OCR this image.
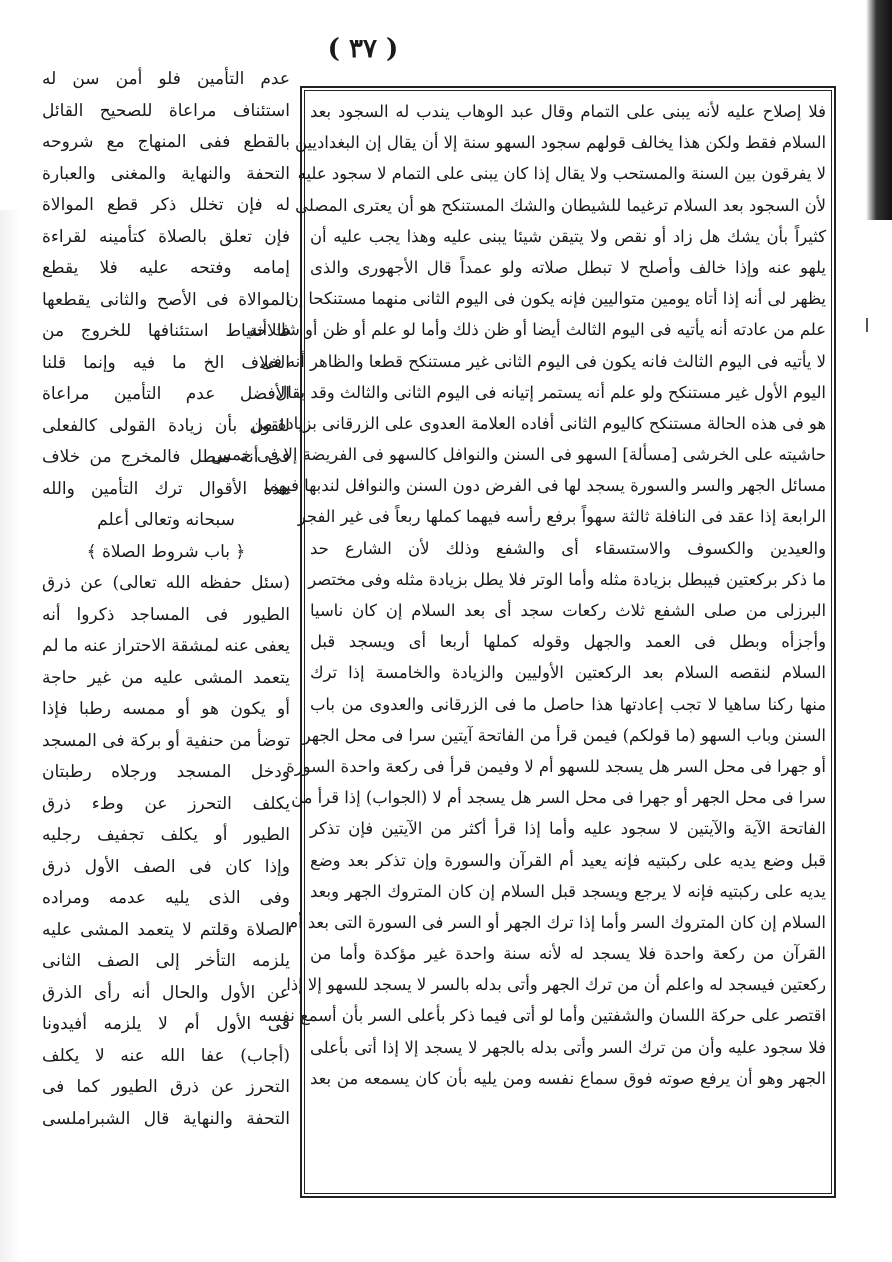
( ٣٧ )
فلا إصلاح عليه لأنه يبنى على التمام وقال عبد الوهاب يندب له السجود بعد
السلام فقط ولكن هذا يخالف قولهم سجود السهو سنة إلا أن يقال إن البغداديين
لا يفرقون بين السنة والمستحب ولا يقال إذا كان يبنى على التمام لا سجود عليه
لأن السجود بعد السلام ترغيما للشيطان والشك المستنكح هو أن يعترى المصلى
كثيراً بأن يشك هل زاد أو نقص ولا يتيقن شيئا يبنى عليه وهذا يجب عليه أن
يلهو عنه وإذا خالف وأصلح لا تبطل صلاته ولو عمداً قال الأجهورى والذى
يظهر لى أنه إذا أتاه يومين متواليين فإنه يكون فى اليوم الثانى منهما مستنكحا إن
علم من عادته أنه يأتيه فى اليوم الثالث أيضا أو ظن ذلك وأما لو علم أو ظن أو شك أنه
لا يأتيه فى اليوم الثالث فانه يكون فى اليوم الثانى غير مستنكح قطعا والظاهر أنه فى
اليوم الأول غير مستنكح ولو علم أنه يستمر إتيانه فى اليوم الثانى والثالث وقد يقال
هو فى هذه الحالة مستنكح كاليوم الثانى أفاده العلامة العدوى على الزرقانى بزيادة من
حاشيته على الخرشى [مسألة] السهو فى السنن والنوافل كالسهو فى الفريضة إلا فى خمس
مسائل الجهر والسر والسورة يسجد لها فى الفرض دون السنن والنوافل لندبها فيهما
الرابعة إذا عقد فى النافلة ثالثة سهواً برفع رأسه فيهما كملها ربعاً فى غير الفجر
والعيدين والكسوف والاستسقاء أى والشفع وذلك لأن الشارع حد
ما ذكر بركعتين فيبطل بزيادة مثله وأما الوتر فلا يطل بزيادة مثله وفى مختصر
البرزلى من صلى الشفع ثلاث ركعات سجد أى بعد السلام إن كان ناسيا
وأجزأه وبطل فى العمد والجهل وقوله كملها أربعا أى ويسجد قبل
السلام لنقصه السلام بعد الركعتين الأوليين والزيادة والخامسة إذا ترك
منها ركنا ساهيا لا تجب إعادتها هذا حاصل ما فى الزرقانى والعدوى من باب
السنن وباب السهو (ما قولكم) فيمن قرأ من الفاتحة آيتين سرا فى محل الجهر
أو جهرا فى محل السر هل يسجد للسهو أم لا وفيمن قرأ فى ركعة واحدة السورة
سرا فى محل الجهر أو جهرا فى محل السر هل يسجد أم لا (الجواب) إذا قرأ من
الفاتحة الآية والآيتين لا سجود عليه وأما إذا قرأ أكثر من الآيتين فإن تذكر
قبل وضع يديه على ركبتيه فإنه يعيد أم القرآن والسورة وإن تذكر بعد وضع
يديه على ركبتيه فإنه لا يرجع ويسجد قبل السلام إن كان المتروك الجهر وبعد
السلام إن كان المتروك السر وأما إذا ترك الجهر أو السر فى السورة التى بعد أم
القرآن من ركعة واحدة فلا يسجد له لأنه سنة واحدة غير مؤكدة وأما من
ركعتين فيسجد له واعلم أن من ترك الجهر وأتى بدله بالسر لا يسجد للسهو إلا إذا
اقتصر على حركة اللسان والشفتين وأما لو أتى فيما ذكر بأعلى السر بأن أسمع نفسه
فلا سجود عليه وأن من ترك السر وأتى بدله بالجهر لا يسجد إلا إذا أتى بأعلى
الجهر وهو أن يرفع صوته فوق سماع نفسه ومن يليه بأن كان يسمعه من بعد
عدم التأمين فلو أمن سن له
استئناف مراعاة للصحيح القائل
بالقطع ففى المنهاج مع شروحه
التحفة والنهاية والمغنى والعبارة
له فإن تخلل ذكر قطع الموالاة
فإن تعلق بالصلاة كتأمينه لقراءة
إمامه وفتحه عليه فلا يقطع
الموالاة فى الأصح والثانى يقطعها
فالاحتياط استئنافها للخروج من
الخلاف الخ ما فيه وإنما قلنا
الأفضل عدم التأمين مراعاة
للقول بأن زيادة القولى كالفعلى
فى أنه مبطل فالمخرج من خلاف
هذه الأقوال ترك التأمين والله
سبحانه وتعالى أعلم
﴿ باب شروط الصلاة ﴾
(سئل حفظه الله تعالى) عن ذرق
الطيور فى المساجد ذكروا أنه
يعفى عنه لمشقة الاحتراز عنه ما لم
يتعمد المشى عليه من غير حاجة
أو يكون هو أو ممسه رطبا فإذا
توضأ من حنفية أو بركة فى المسجد
ودخل المسجد ورجلاه رطبتان
يكلف التحرز عن وطء ذرق
الطيور أو يكلف تجفيف رجليه
وإذا كان فى الصف الأول ذرق
وفى الذى يليه عدمه ومراده
الصلاة وقلتم لا يتعمد المشى عليه
يلزمه التأخر إلى الصف الثانى
عن الأول والحال أنه رأى الذرق
فى الأول أم لا يلزمه أفيدونا
(أجاب) عفا الله عنه لا يكلف
التحرز عن ذرق الطيور كما فى
التحفة والنهاية قال الشبراملسى
